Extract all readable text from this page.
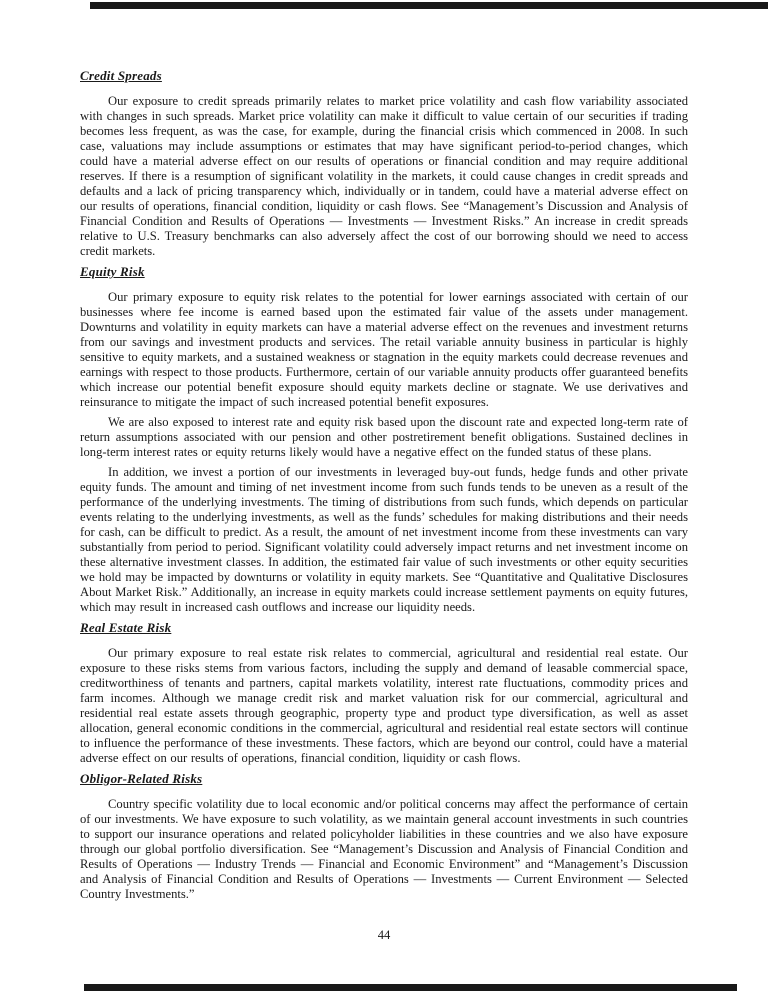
Credit Spreads

Our exposure to credit spreads primarily relates to market price volatility and cash flow variability associated with changes in such spreads. Market price volatility can make it difficult to value certain of our securities if trading becomes less frequent, as was the case, for example, during the financial crisis which commenced in 2008. In such case, valuations may include assumptions or estimates that may have significant period-to-period changes, which could have a material adverse effect on our results of operations or financial condition and may require additional reserves. If there is a resumption of significant volatility in the markets, it could cause changes in credit spreads and defaults and a lack of pricing transparency which, individually or in tandem, could have a material adverse effect on our results of operations, financial condition, liquidity or cash flows. See “Management’s Discussion and Analysis of Financial Condition and Results of Operations — Investments — Investment Risks.” An increase in credit spreads relative to U.S. Treasury benchmarks can also adversely affect the cost of our borrowing should we need to access credit markets.

Equity Risk

Our primary exposure to equity risk relates to the potential for lower earnings associated with certain of our businesses where fee income is earned based upon the estimated fair value of the assets under management. Downturns and volatility in equity markets can have a material adverse effect on the revenues and investment returns from our savings and investment products and services. The retail variable annuity business in particular is highly sensitive to equity markets, and a sustained weakness or stagnation in the equity markets could decrease revenues and earnings with respect to those products. Furthermore, certain of our variable annuity products offer guaranteed benefits which increase our potential benefit exposure should equity markets decline or stagnate. We use derivatives and reinsurance to mitigate the impact of such increased potential benefit exposures.

We are also exposed to interest rate and equity risk based upon the discount rate and expected long-term rate of return assumptions associated with our pension and other postretirement benefit obligations. Sustained declines in long-term interest rates or equity returns likely would have a negative effect on the funded status of these plans.

In addition, we invest a portion of our investments in leveraged buy-out funds, hedge funds and other private equity funds. The amount and timing of net investment income from such funds tends to be uneven as a result of the performance of the underlying investments. The timing of distributions from such funds, which depends on particular events relating to the underlying investments, as well as the funds’ schedules for making distributions and their needs for cash, can be difficult to predict. As a result, the amount of net investment income from these investments can vary substantially from period to period. Significant volatility could adversely impact returns and net investment income on these alternative investment classes. In addition, the estimated fair value of such investments or other equity securities we hold may be impacted by downturns or volatility in equity markets. See “Quantitative and Qualitative Disclosures About Market Risk.” Additionally, an increase in equity markets could increase settlement payments on equity futures, which may result in increased cash outflows and increase our liquidity needs.

Real Estate Risk

Our primary exposure to real estate risk relates to commercial, agricultural and residential real estate. Our exposure to these risks stems from various factors, including the supply and demand of leasable commercial space, creditworthiness of tenants and partners, capital markets volatility, interest rate fluctuations, commodity prices and farm incomes. Although we manage credit risk and market valuation risk for our commercial, agricultural and residential real estate assets through geographic, property type and product type diversification, as well as asset allocation, general economic conditions in the commercial, agricultural and residential real estate sectors will continue to influence the performance of these investments. These factors, which are beyond our control, could have a material adverse effect on our results of operations, financial condition, liquidity or cash flows.

Obligor-Related Risks

Country specific volatility due to local economic and/or political concerns may affect the performance of certain of our investments. We have exposure to such volatility, as we maintain general account investments in such countries to support our insurance operations and related policyholder liabilities in these countries and we also have exposure through our global portfolio diversification. See “Management’s Discussion and Analysis of Financial Condition and Results of Operations — Industry Trends — Financial and Economic Environment” and “Management’s Discussion and Analysis of Financial Condition and Results of Operations — Investments — Current Environment — Selected Country Investments.”

44
